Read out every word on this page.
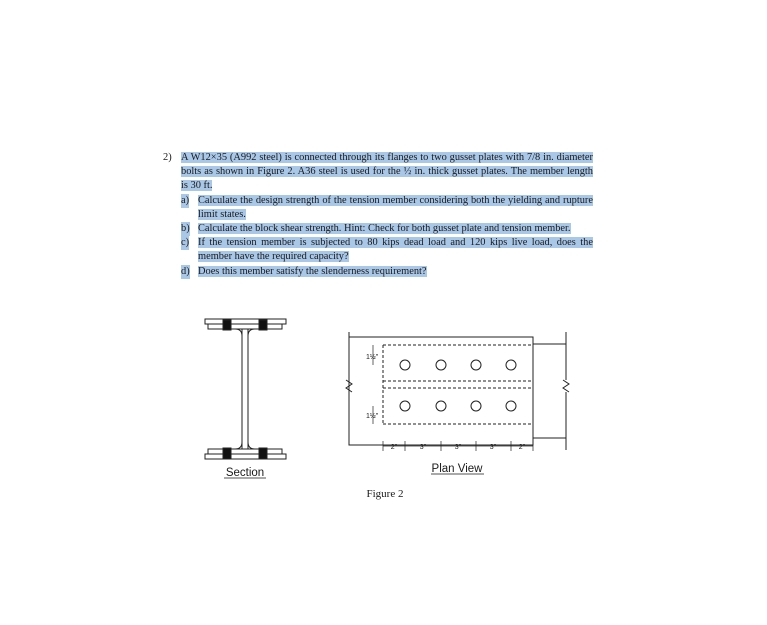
2) A W12×35 (A992 steel) is connected through its flanges to two gusset plates with 7/8 in. diameter bolts as shown in Figure 2. A36 steel is used for the ½ in. thick gusset plates. The member length is 30 ft.
a) Calculate the design strength of the tension member considering both the yielding and rupture limit states.
b) Calculate the block shear strength. Hint: Check for both gusset plate and tension member.
c) If the tension member is subjected to 80 kips dead load and 120 kips live load, does the member have the required capacity?
d) Does this member satisfy the slenderness requirement?
Section
1½"
1½"
2"	3"	3"	3"	2"
Plan View
Figure 2
